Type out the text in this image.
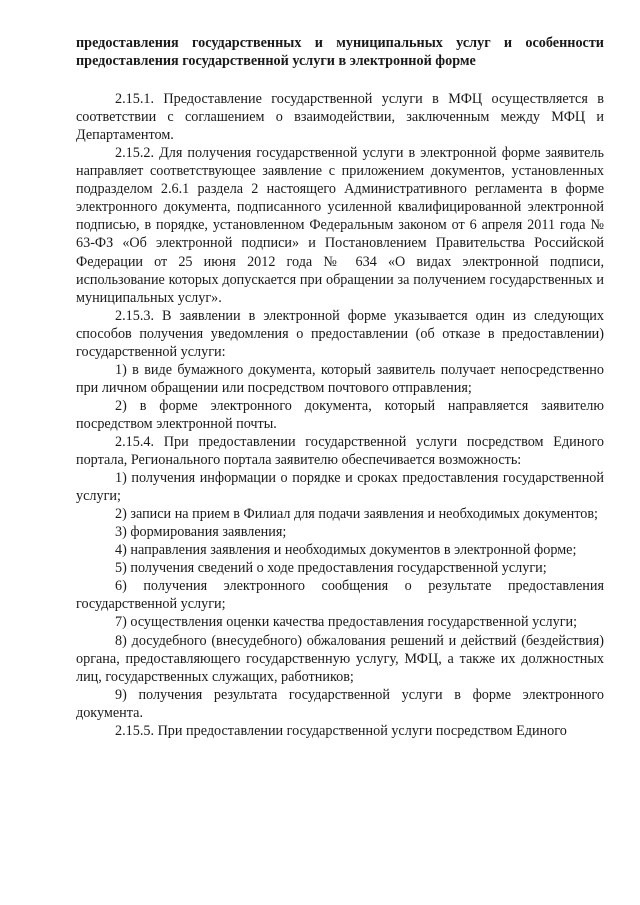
предоставления государственных и муниципальных услуг и особенности предоставления государственной услуги в электронной форме

2.15.1. Предоставление государственной услуги в МФЦ осуществляется в соответствии с соглашением о взаимодействии, заключенным между МФЦ и Департаментом.

2.15.2. Для получения государственной услуги в электронной форме заявитель направляет соответствующее заявление с приложением документов, установленных подразделом 2.6.1 раздела 2 настоящего Административного регламента в форме электронного документа, подписанного усиленной квалифицированной электронной подписью, в порядке, установленном Федеральным законом от 6 апреля 2011 года № 63-ФЗ «Об электронной подписи» и Постановлением Правительства Российской Федерации от 25 июня 2012 года № 634 «О видах электронной подписи, использование которых допускается при обращении за получением государственных и муниципальных услуг».

2.15.3. В заявлении в электронной форме указывается один из следующих способов получения уведомления о предоставлении (об отказе в предоставлении) государственной услуги:

1) в виде бумажного документа, который заявитель получает непосредственно при личном обращении или посредством почтового отправления;

2) в форме электронного документа, который направляется заявителю посредством электронной почты.

2.15.4. При предоставлении государственной услуги посредством Единого портала, Регионального портала заявителю обеспечивается возможность:

1) получения информации о порядке и сроках предоставления государственной услуги;

2) записи на прием в Филиал для подачи заявления и необходимых документов;

3) формирования заявления;

4) направления заявления и необходимых документов в электронной форме;

5) получения сведений о ходе предоставления государственной услуги;

6) получения электронного сообщения о результате предоставления государственной услуги;

7) осуществления оценки качества предоставления государственной услуги;

8) досудебного (внесудебного) обжалования решений и действий (бездействия) органа, предоставляющего государственную услугу, МФЦ, а также их должностных лиц, государственных служащих, работников;

9) получения результата государственной услуги в форме электронного документа.

2.15.5. При предоставлении государственной услуги посредством Единого
